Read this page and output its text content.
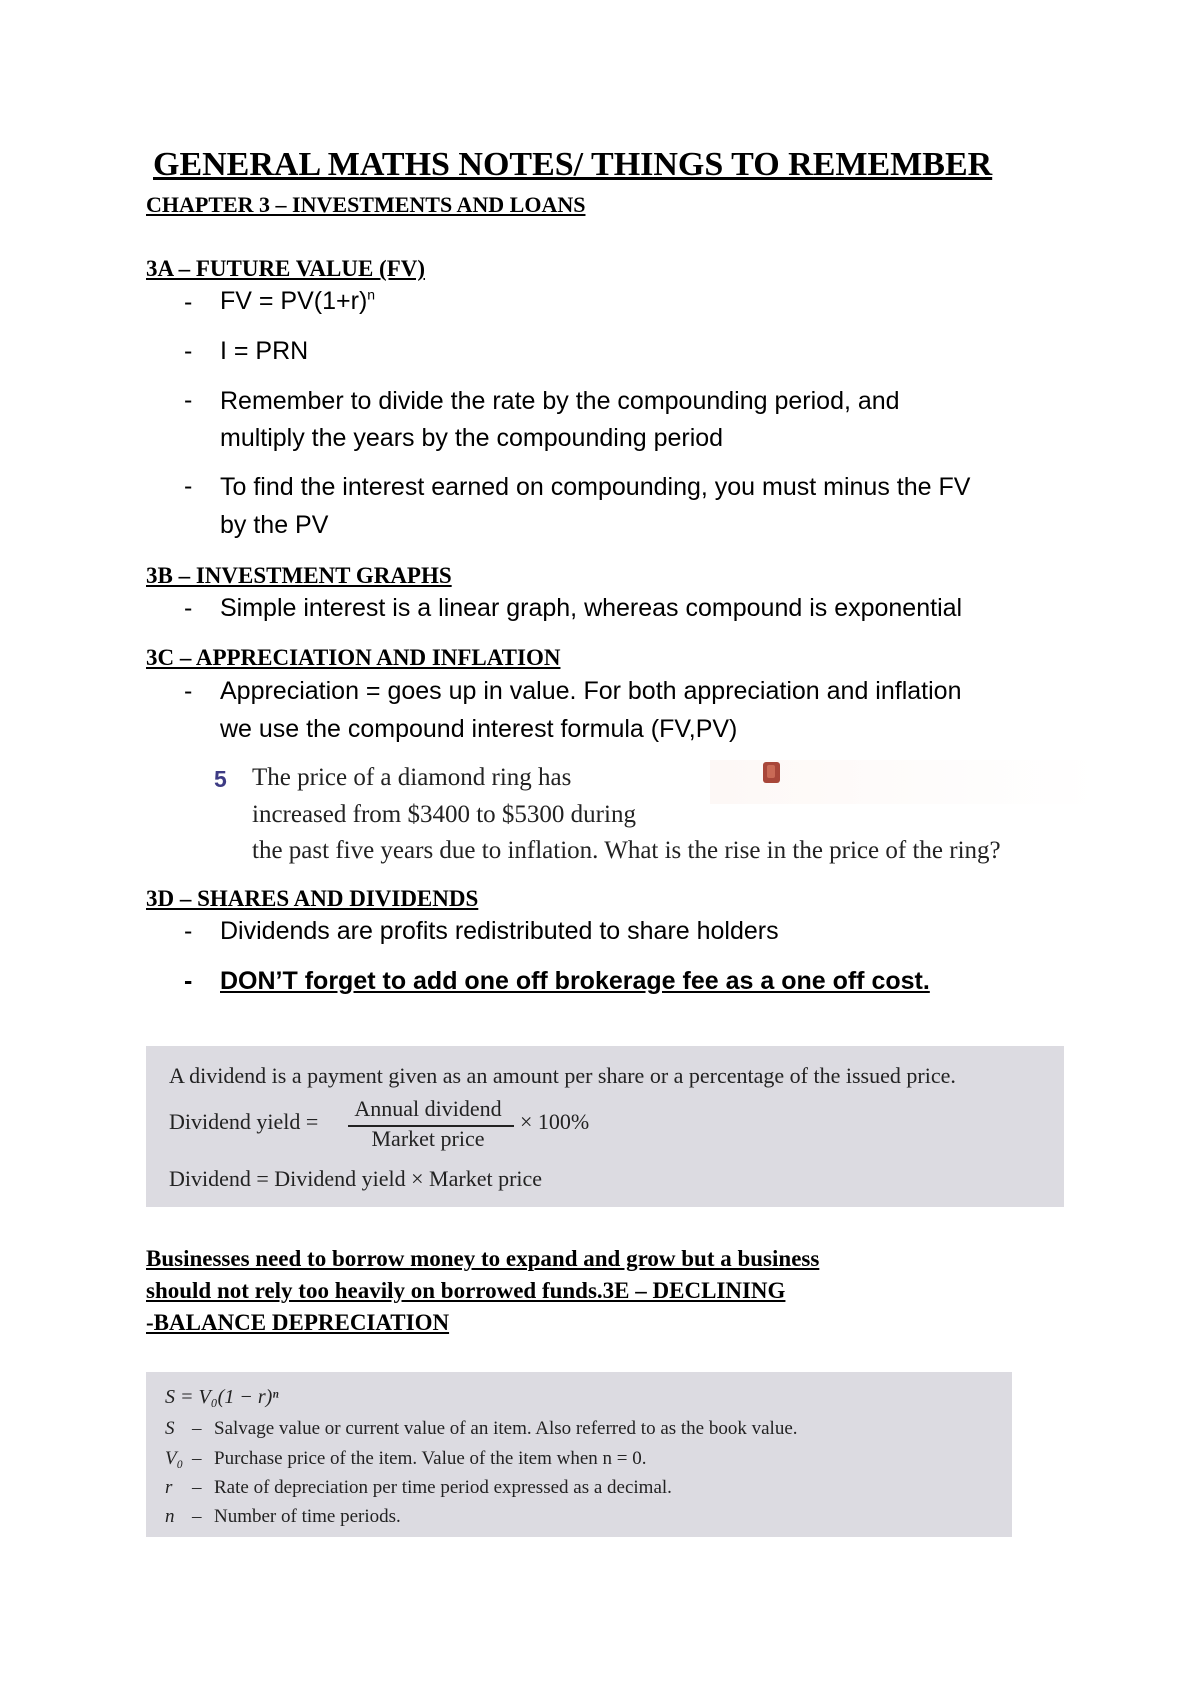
GENERAL MATHS NOTES/ THINGS TO REMEMBER
CHAPTER 3 – INVESTMENTS AND LOANS
3A – FUTURE VALUE (FV)
- FV = $PV(1+r)^n$
- I = PRN
- Remember to divide the rate by the compounding period, and
multiply the years by the compounding period
- To find the interest earned on compounding, you must minus the FV
by the PV
3B – INVESTMENT GRAPHS
- Simple interest is a linear graph, whereas compound is exponential
3C – APPRECIATION AND INFLATION
- Appreciation = goes up in value. For both appreciation and inflation
we use the compound interest formula (FV,PV)
5 The price of a diamond ring has
increased from $3400 to $5300 during
the past five years due to inflation. What is the rise in the price of the ring?
3D – SHARES AND DIVIDENDS
- Dividends are profits redistributed to share holders
- DON’T forget to add one off brokerage fee as a one off cost.
A dividend is a payment given as an amount per share or a percentage of the issued price.
Dividend yield =
Annual dividend
Market price
× 100%
Dividend = Dividend yield × Market price
Businesses need to borrow money to expand and grow but a business
should not rely too heavily on borrowed funds.3E – DECLINING
-BALANCE DEPRECIATION
S = V₀(1 − r)ⁿ
S – Salvage value or current value of an item. Also referred to as the book value.
V₀ – Purchase price of the item. Value of the item when n = 0.
r – Rate of depreciation per time period expressed as a decimal.
n – Number of time periods.
